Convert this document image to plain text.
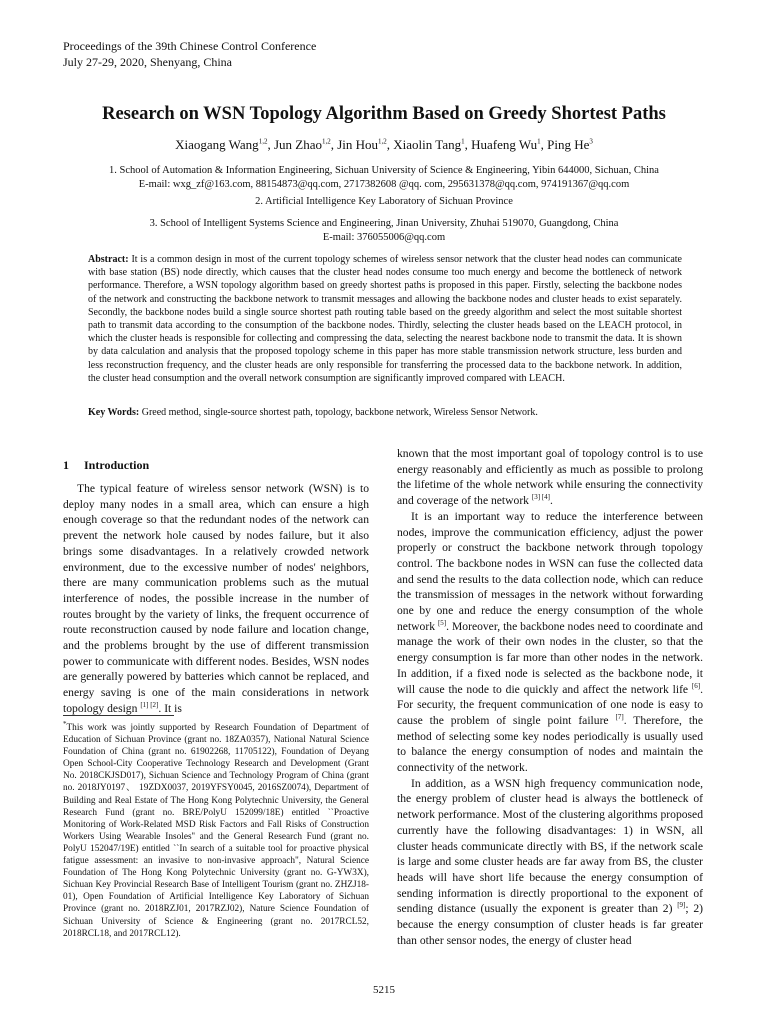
Proceedings of the 39th Chinese Control Conference
July 27-29, 2020, Shenyang, China
Research on WSN Topology Algorithm Based on Greedy Shortest Paths
Xiaogang Wang$^{1,2}$, Jun Zhao$^{1,2}$, Jin Hou$^{1,2}$, Xiaolin Tang$^1$, Huafeng Wu$^1$, Ping He$^3$
1. School of Automation & Information Engineering, Sichuan University of Science & Engineering, Yibin 644000, Sichuan, China
E-mail: wxg_zf@163.com, 88154873@qq.com, 2717382608 @qq. com, 295631378@qq.com, 974191367@qq.com
2. Artificial Intelligence Key Laboratory of Sichuan Province
3. School of Intelligent Systems Science and Engineering, Jinan University, Zhuhai 519070, Guangdong, China
E-mail: 376055006@qq.com
Abstract: It is a common design in most of the current topology schemes of wireless sensor network that the cluster head nodes can communicate with base station (BS) node directly, which causes that the cluster head nodes consume too much energy and become the bottleneck of network performance. Therefore, a WSN topology algorithm based on greedy shortest paths is proposed in this paper. Firstly, selecting the backbone nodes of the network and constructing the backbone network to transmit messages and allowing the backbone nodes and cluster heads to exist separately. Secondly, the backbone nodes build a single source shortest path routing table based on the greedy algorithm and select the most suitable shortest path to transmit data according to the consumption of the backbone nodes. Thirdly, selecting the cluster heads based on the LEACH protocol, in which the cluster heads is responsible for collecting and compressing the data, selecting the nearest backbone node to transmit the data. It is shown by data calculation and analysis that the proposed topology scheme in this paper has more stable transmission network structure, less burden and less reconstruction frequency, and the cluster heads are only responsible for transferring the processed data to the backbone network. In addition, the cluster head consumption and the overall network consumption are significantly improved compared with LEACH.
Key Words: Greed method, single-source shortest path, topology, backbone network, Wireless Sensor Network.
1 Introduction

The typical feature of wireless sensor network (WSN) is to deploy many nodes in a small area, which can ensure a high enough coverage so that the redundant nodes of the network can prevent the network hole caused by nodes failure, but it also brings some disadvantages. In a relatively crowded network environment, due to the excessive number of nodes' neighbors, there are many communication problems such as the mutual interference of nodes, the possible increase in the number of routes brought by the variety of links, the frequent occurrence of route reconstruction caused by node failure and location change, and the problems brought by the use of different transmission power to communicate with different nodes. Besides, WSN nodes are generally powered by batteries which cannot be replaced, and energy saving is one of the main considerations in network topology design [1] [2]. It is

*This work was jointly supported by Research Foundation of Department of Education of Sichuan Province (grant no. 18ZA0357), National Natural Science Foundation of China (grant no. 61902268, 11705122), Foundation of Deyang Open School-City Cooperative Technology Research and Development (Grant No. 2018CKJSD017), Sichuan Science and Technology Program of China (grant no. 2018JY0197、 19ZDX0037, 2019YFSY0045, 2016SZ0074), Department of Building and Real Estate of The Hong Kong Polytechnic University, the General Research Fund (grant no. BRE/PolyU 152099/18E) entitled ``Proactive Monitoring of Work-Related MSD Risk Factors and Fall Risks of Construction Workers Using Wearable Insoles'' and the General Research Fund (grant no. PolyU 152047/19E) entitled ``In search of a suitable tool for proactive physical fatigue assessment: an invasive to non-invasive approach", Natural Science Foundation of The Hong Kong Polytechnic University (grant no. G-YW3X), Sichuan Key Provincial Research Base of Intelligent Tourism (grant no. ZHZJ18-01), Open Foundation of Artificial Intelligence Key Laboratory of Sichuan Province (grant no. 2018RZJ01, 2017RZJ02), Nature Science Foundation of Sichuan University of Science & Engineering (grant no. 2017RCL52, 2018RCL18, and 2017RCL12).

known that the most important goal of topology control is to use energy reasonably and efficiently as much as possible to prolong the lifetime of the whole network while ensuring the connectivity and coverage of the network [3] [4].

It is an important way to reduce the interference between nodes, improve the communication efficiency, adjust the power properly or construct the backbone network through topology control. The backbone nodes in WSN can fuse the collected data and send the results to the data collection node, which can reduce the transmission of messages in the network without forwarding one by one and reduce the energy consumption of the whole network [5]. Moreover, the backbone nodes need to coordinate and manage the work of their own nodes in the cluster, so that the energy consumption is far more than other nodes in the network. In addition, if a fixed node is selected as the backbone node, it will cause the node to die quickly and affect the network life [6]. For security, the frequent communication of one node is easy to cause the problem of single point failure [7]. Therefore, the method of selecting some key nodes periodically is usually used to balance the energy consumption of nodes and maintain the connectivity of the network.

In addition, as a WSN high frequency communication node, the energy problem of cluster head is always the bottleneck of network performance. Most of the clustering algorithms proposed currently have the following disadvantages: 1) in WSN, all cluster heads communicate directly with BS, if the network scale is large and some cluster heads are far away from BS, the cluster heads will have short life because the energy consumption of sending information is directly proportional to the exponent of sending distance (usually the exponent is greater than 2) [9]; 2) because the energy consumption of cluster heads is far greater than other sensor nodes, the energy of cluster head

5215
